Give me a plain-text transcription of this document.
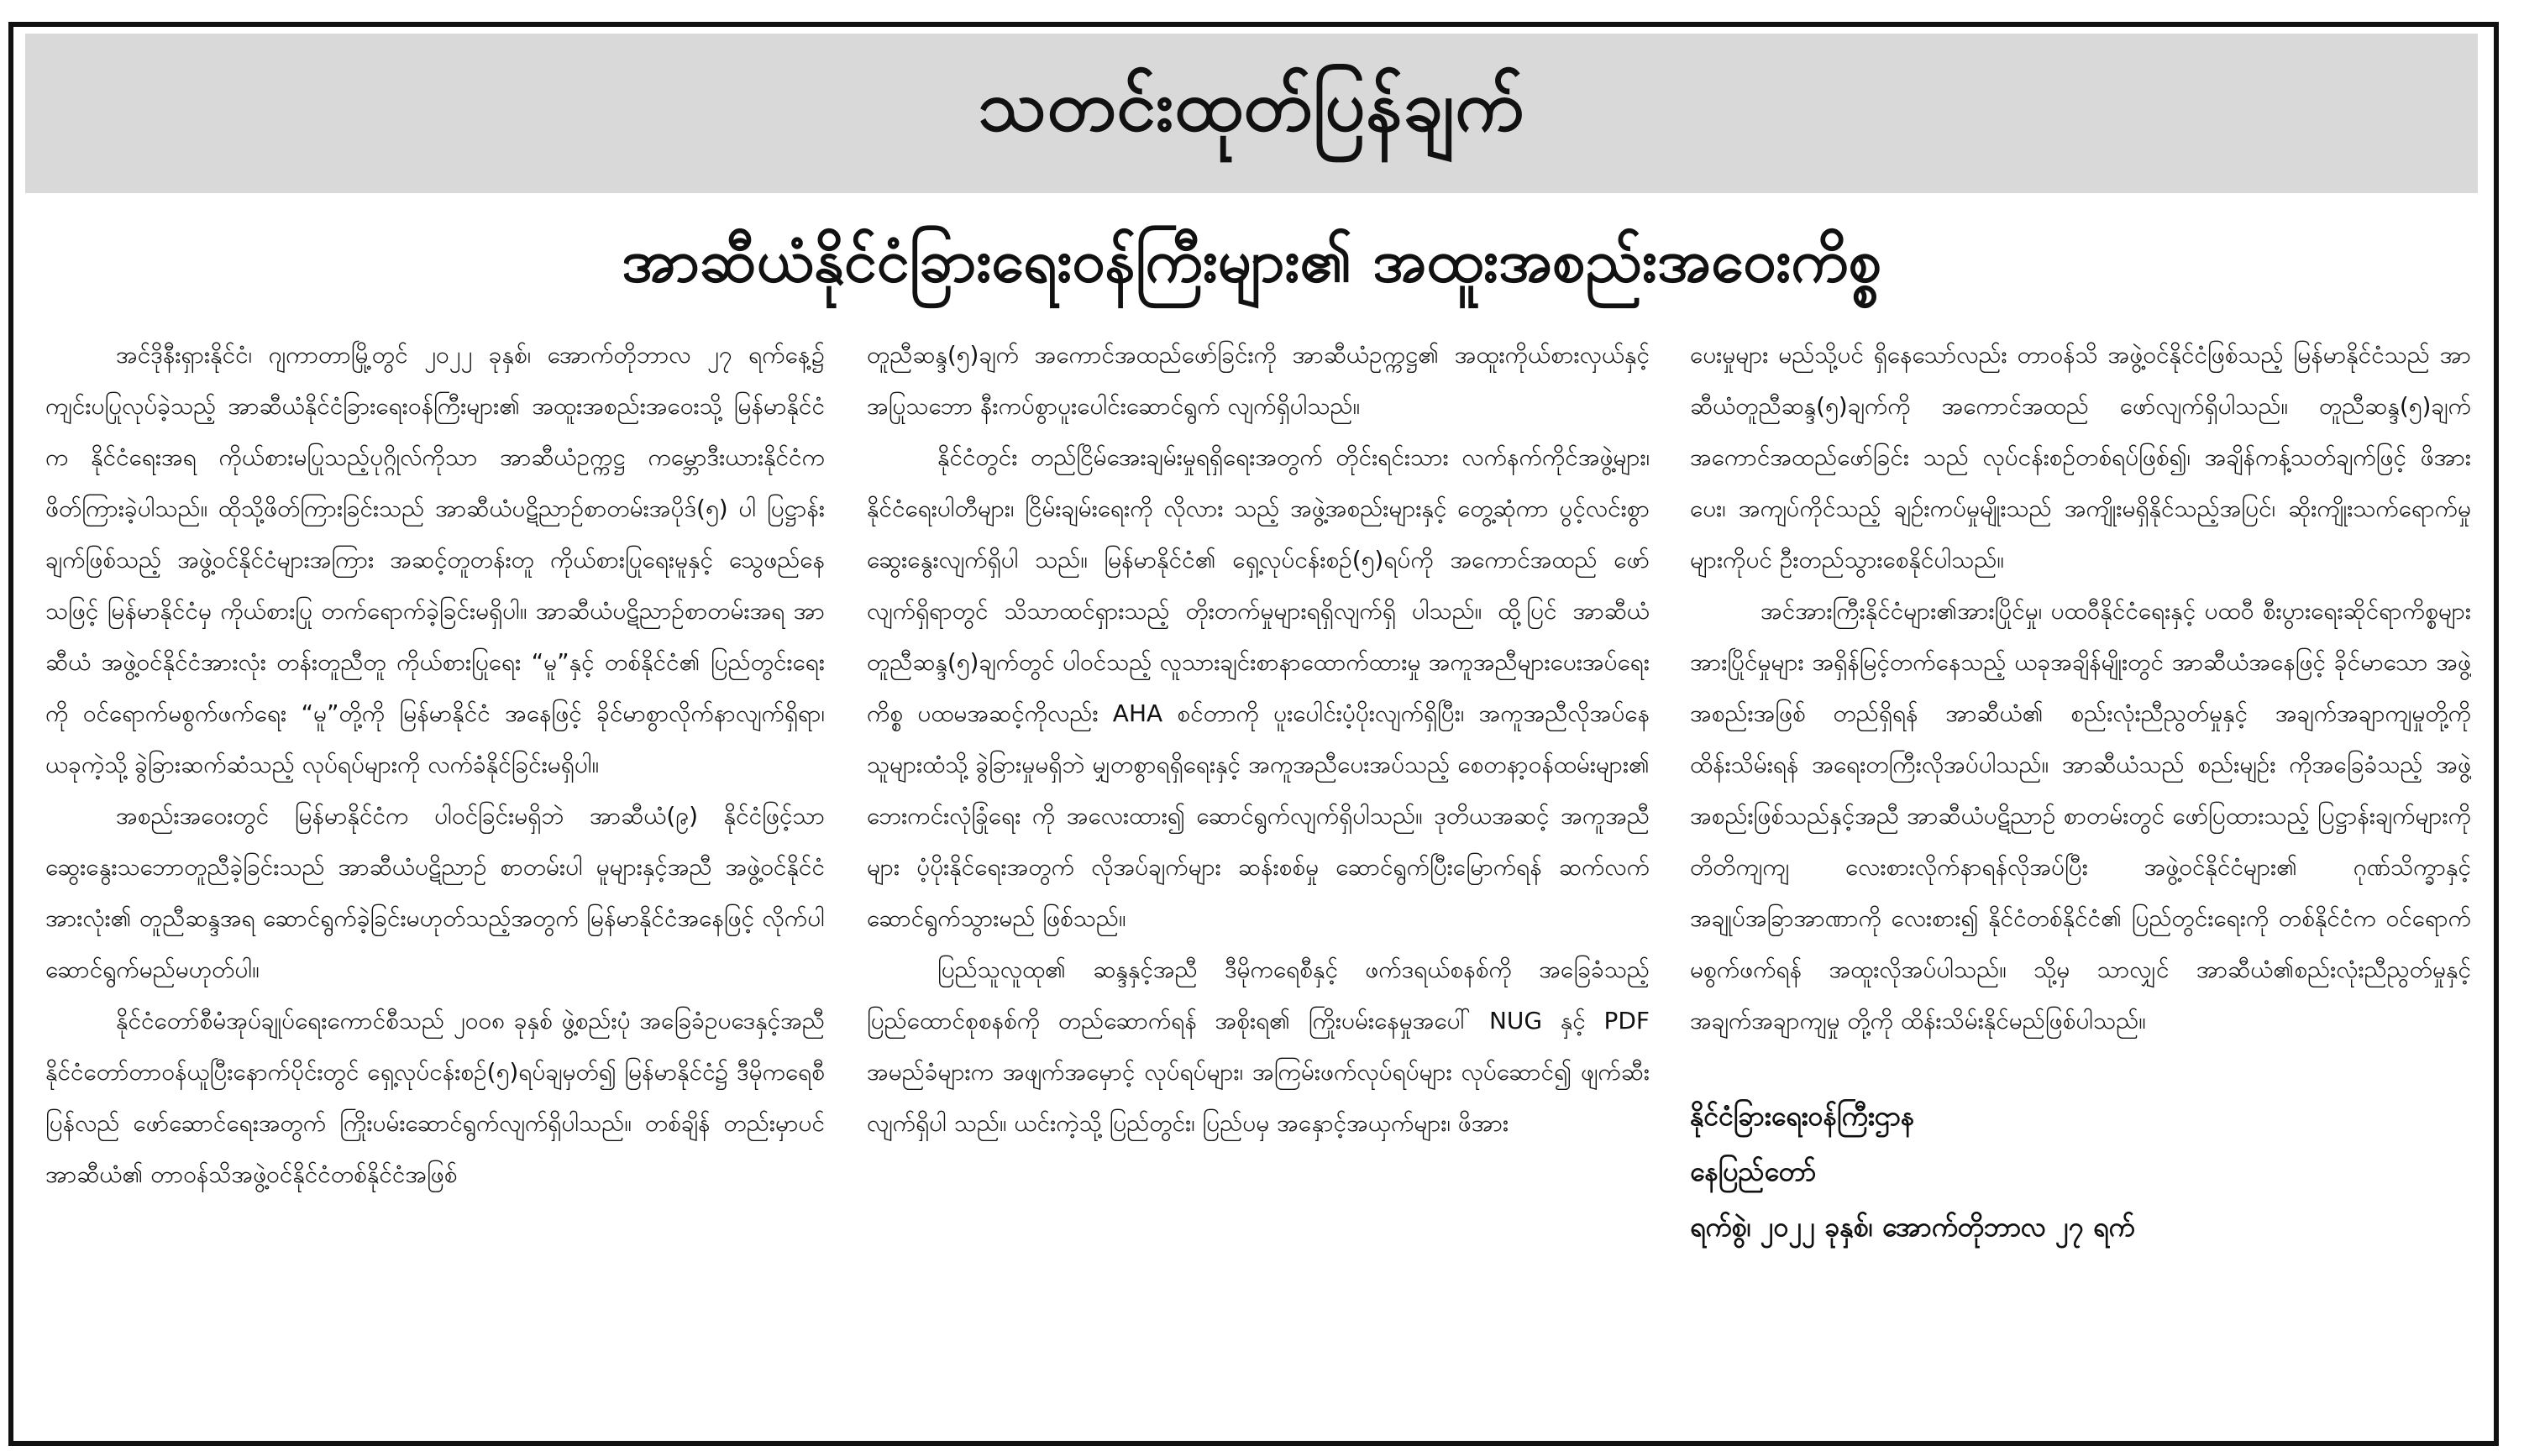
သတင်းထုတ်ပြန်ချက်
အာဆီယံနိုင်ငံခြားရေးဝန်ကြီးများ၏ အထူးအစည်းအဝေးကိစ္စ

အင်ဒိုနီးရှားနိုင်ငံ၊ ဂျကာတာမြို့တွင် ၂၀၂၂ ခုနှစ်၊ အောက်တိုဘာလ ၂၇ ရက်နေ့၌ ကျင်းပပြုလုပ်ခဲ့သည့် အာဆီယံနိုင်ငံခြားရေးဝန်ကြီးများ၏ အထူးအစည်းအဝေးသို့ မြန်မာနိုင်ငံက နိုင်ငံရေးအရ ကိုယ်စားမပြုသည့်ပုဂ္ဂိုလ်ကိုသာ အာဆီယံဥက္ကဋ္ဌ ကမ္ဘောဒီးယားနိုင်ငံက ဖိတ်ကြားခဲ့ပါသည်။ ထိုသို့ဖိတ်ကြားခြင်းသည် အာဆီယံပဋိညာဉ်စာတမ်းအပိုဒ်(၅) ပါ ပြဋ္ဌာန်းချက်ဖြစ်သည့် အဖွဲ့ဝင်နိုင်ငံများအကြား အဆင့်တူတန်းတူ ကိုယ်စားပြုရေးမူနှင့် သွေဖည်နေသဖြင့် မြန်မာနိုင်ငံမှ ကိုယ်စားပြု တက်ရောက်ခဲ့ခြင်းမရှိပါ။ အာဆီယံပဋိညာဉ်စာတမ်းအရ အာဆီယံ အဖွဲ့ဝင်နိုင်ငံအားလုံး တန်းတူညီတူ ကိုယ်စားပြုရေး “မူ”နှင့် တစ်နိုင်ငံ၏ ပြည်တွင်းရေးကို ဝင်ရောက်မစွက်ဖက်ရေး “မူ”တို့ကို မြန်မာနိုင်ငံ အနေဖြင့် ခိုင်မာစွာလိုက်နာလျက်ရှိရာ၊ ယခုကဲ့သို့ ခွဲခြားဆက်ဆံသည့် လုပ်ရပ်များကို လက်ခံနိုင်ခြင်းမရှိပါ။

အစည်းအဝေးတွင် မြန်မာနိုင်ငံက ပါဝင်ခြင်းမရှိဘဲ အာဆီယံ(၉) နိုင်ငံဖြင့်သာ ဆွေးနွေးသဘောတူညီခဲ့ခြင်းသည် အာဆီယံပဋိညာဉ် စာတမ်းပါ မူများနှင့်အညီ အဖွဲ့ဝင်နိုင်ငံအားလုံး၏ တူညီဆန္ဒအရ ဆောင်ရွက်ခဲ့ခြင်းမဟုတ်သည့်အတွက် မြန်မာနိုင်ငံအနေဖြင့် လိုက်ပါ ဆောင်ရွက်မည်မဟုတ်ပါ။

နိုင်ငံတော်စီမံအုပ်ချုပ်ရေးကောင်စီသည် ၂၀၀၈ ခုနှစ် ဖွဲ့စည်းပုံ အခြေခံဥပဒေနှင့်အညီ နိုင်ငံတော်တာဝန်ယူပြီးနောက်ပိုင်းတွင် ရှေ့လုပ်ငန်းစဉ်(၅)ရပ်ချမှတ်၍ မြန်မာနိုင်ငံ၌ ဒီမိုကရေစီ ပြန်လည် ဖော်ဆောင်ရေးအတွက် ကြိုးပမ်းဆောင်ရွက်လျက်ရှိပါသည်။ တစ်ချိန် တည်းမှာပင် အာဆီယံ၏ တာဝန်သိအဖွဲ့ဝင်နိုင်ငံတစ်နိုင်ငံအဖြစ်

တူညီဆန္ဒ(၅)ချက် အကောင်အထည်ဖော်ခြင်းကို အာဆီယံဥက္ကဋ္ဌ၏ အထူးကိုယ်စားလှယ်နှင့် အပြုသဘော နီးကပ်စွာပူးပေါင်းဆောင်ရွက် လျက်ရှိပါသည်။

နိုင်ငံတွင်း တည်ငြိမ်အေးချမ်းမှုရရှိရေးအတွက် တိုင်းရင်းသား လက်နက်ကိုင်အဖွဲ့များ၊ နိုင်ငံရေးပါတီများ၊ ငြိမ်းချမ်းရေးကို လိုလား သည့် အဖွဲ့အစည်းများနှင့် တွေ့ဆုံကာ ပွင့်လင်းစွာ ဆွေးနွေးလျက်ရှိပါ သည်။ မြန်မာနိုင်ငံ၏ ရှေ့လုပ်ငန်းစဉ်(၅)ရပ်ကို အကောင်အထည် ဖော်လျက်ရှိရာတွင် သိသာထင်ရှားသည့် တိုးတက်မှုများရရှိလျက်ရှိ ပါသည်။ ထို့ပြင် အာဆီယံတူညီဆန္ဒ(၅)ချက်တွင် ပါဝင်သည့် လူသားချင်းစာနာထောက်ထားမှု အကူအညီများပေးအပ်ရေးကိစ္စ ပထမအဆင့်ကိုလည်း AHA စင်တာကို ပူးပေါင်းပံ့ပိုးလျက်ရှိပြီး၊ အကူအညီလိုအပ်နေသူများထံသို့ ခွဲခြားမှုမရှိဘဲ မျှတစွာရရှိရေးနှင့် အကူအညီပေးအပ်သည့် စေတနာ့ဝန်ထမ်းများ၏ ဘေးကင်းလုံခြုံရေး ကို အလေးထား၍ ဆောင်ရွက်လျက်ရှိပါသည်။ ဒုတိယအဆင့် အကူအညီများ ပံ့ပိုးနိုင်ရေးအတွက် လိုအပ်ချက်များ ဆန်းစစ်မှု ဆောင်ရွက်ပြီးမြောက်ရန် ဆက်လက်ဆောင်ရွက်သွားမည် ဖြစ်သည်။

ပြည်သူလူထု၏ ဆန္ဒနှင့်အညီ ဒီမိုကရေစီနှင့် ဖက်ဒရယ်စနစ်ကို အခြေခံသည့် ပြည်ထောင်စုစနစ်ကို တည်ဆောက်ရန် အစိုးရ၏ ကြိုးပမ်းနေမှုအပေါ် NUG နှင့် PDF အမည်ခံများက အဖျက်အမှောင့် လုပ်ရပ်များ၊ အကြမ်းဖက်လုပ်ရပ်များ လုပ်ဆောင်၍ ဖျက်ဆီးလျက်ရှိပါ သည်။ ယင်းကဲ့သို့ ပြည်တွင်း၊ ပြည်ပမှ အနှောင့်အယှက်များ၊ ဖိအား

ပေးမှုများ မည်သို့ပင် ရှိနေသော်လည်း တာဝန်သိ အဖွဲ့ဝင်နိုင်ငံဖြစ်သည့် မြန်မာနိုင်ငံသည် အာဆီယံတူညီဆန္ဒ(၅)ချက်ကို အကောင်အထည် ဖော်လျက်ရှိပါသည်။ တူညီဆန္ဒ(၅)ချက် အကောင်အထည်ဖော်ခြင်း သည် လုပ်ငန်းစဉ်တစ်ရပ်ဖြစ်၍၊ အချိန်ကန့်သတ်ချက်ဖြင့် ဖိအားပေး၊ အကျပ်ကိုင်သည့် ချဉ်းကပ်မှုမျိုးသည် အကျိုးမရှိနိုင်သည့်အပြင်၊ ဆိုးကျိုးသက်ရောက်မှုများကိုပင် ဦးတည်သွားစေနိုင်ပါသည်။

အင်အားကြီးနိုင်ငံများ၏အားပြိုင်မှု၊ ပထဝီနိုင်ငံရေးနှင့် ပထဝီ စီးပွားရေးဆိုင်ရာကိစ္စများ အားပြိုင်မှုများ အရှိန်မြင့်တက်နေသည့် ယခုအချိန်မျိုးတွင် အာဆီယံအနေဖြင့် ခိုင်မာသော အဖွဲ့အစည်းအဖြစ် တည်ရှိရန် အာဆီယံ၏ စည်းလုံးညီညွတ်မှုနှင့် အချက်အချာကျမှုတို့ကို ထိန်းသိမ်းရန် အရေးတကြီးလိုအပ်ပါသည်။ အာဆီယံသည် စည်းမျဉ်း ကိုအခြေခံသည့် အဖွဲ့အစည်းဖြစ်သည်နှင့်အညီ အာဆီယံပဋိညာဉ် စာတမ်းတွင် ဖော်ပြထားသည့် ပြဋ္ဌာန်းချက်များကို တိတိကျကျ လေးစားလိုက်နာရန်လိုအပ်ပြီး အဖွဲ့ဝင်နိုင်ငံများ၏ ဂုဏ်သိက္ခာနှင့် အချုပ်အခြာအာဏာကို လေးစား၍ နိုင်ငံတစ်နိုင်ငံ၏ ပြည်တွင်းရေးကို တစ်နိုင်ငံက ဝင်ရောက်မစွက်ဖက်ရန် အထူးလိုအပ်ပါသည်။ သို့မှ သာလျှင် အာဆီယံ၏စည်းလုံးညီညွတ်မှုနှင့် အချက်အချာကျမှု တို့ကို ထိန်းသိမ်းနိုင်မည်ဖြစ်ပါသည်။

နိုင်ငံခြားရေးဝန်ကြီးဌာန
နေပြည်တော်
ရက်စွဲ၊ ၂၀၂၂ ခုနှစ်၊ အောက်တိုဘာလ ၂၇ ရက်
